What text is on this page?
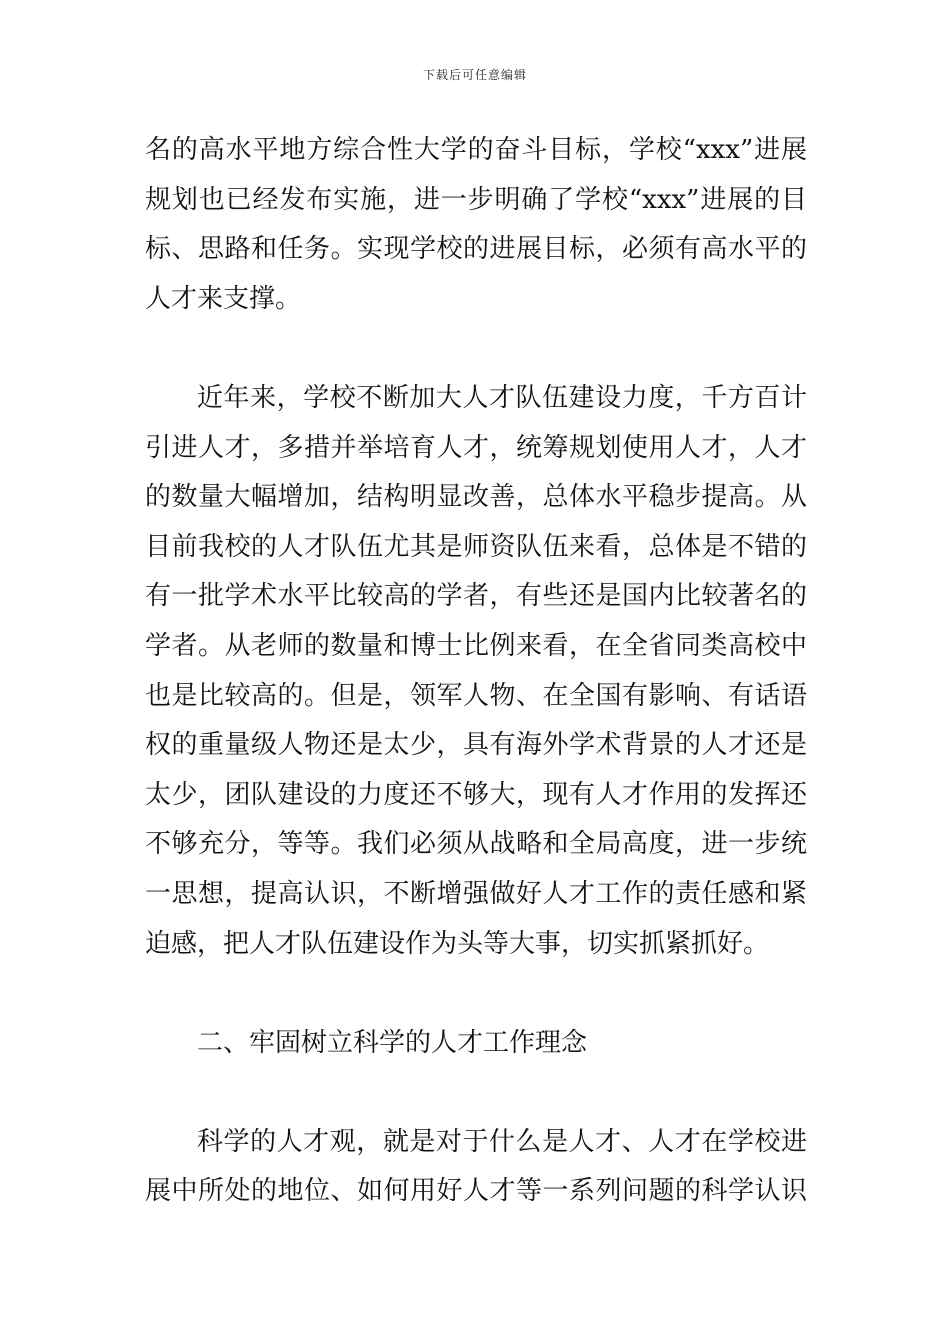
下载后可任意编辑
名的高水平地方综合性大学的奋斗目标，学校“xxx”进展
规划也已经发布实施，进一步明确了学校“xxx”进展的目
标、思路和任务。实现学校的进展目标，必须有高水平的
人才来支撑。
近年来，学校不断加大人才队伍建设力度，千方百计
引进人才，多措并举培育人才，统筹规划使用人才，人才
的数量大幅增加，结构明显改善，总体水平稳步提高。从
目前我校的人才队伍尤其是师资队伍来看，总体是不错的
有一批学术水平比较高的学者，有些还是国内比较著名的
学者。从老师的数量和博士比例来看，在全省同类高校中
也是比较高的。但是，领军人物、在全国有影响、有话语
权的重量级人物还是太少，具有海外学术背景的人才还是
太少，团队建设的力度还不够大，现有人才作用的发挥还
不够充分，等等。我们必须从战略和全局高度，进一步统
一思想，提高认识，不断增强做好人才工作的责任感和紧
迫感，把人才队伍建设作为头等大事，切实抓紧抓好。
二、牢固树立科学的人才工作理念
科学的人才观，就是对于什么是人才、人才在学校进
展中所处的地位、如何用好人才等一系列问题的科学认识
